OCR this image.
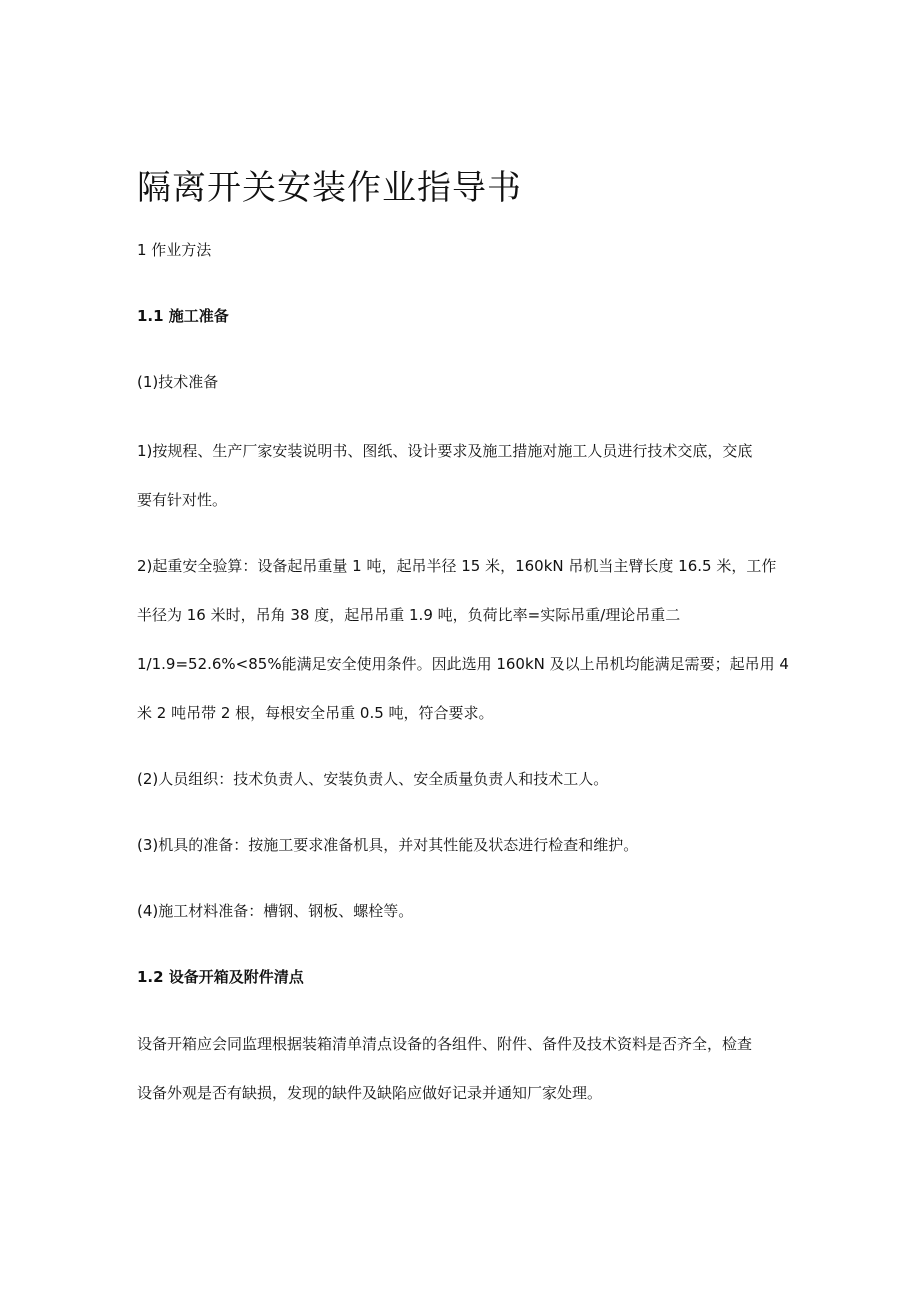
隔离开关安装作业指导书

1 作业方法

1.1 施工准备

(1)技术准备

1)按规程、生产厂家安装说明书、图纸、设计要求及施工措施对施工人员进行技术交底，交底

要有针对性。

2)起重安全验算：设备起吊重量 1 吨，起吊半径 15 米，160kN 吊机当主臂长度 16.5 米，工作

半径为 16 米时，吊角 38 度，起吊吊重 1.9 吨，负荷比率=实际吊重/理论吊重二

1/1.9=52.6%<85%能满足安全使用条件。因此选用 160kN 及以上吊机均能满足需要；起吊用 4

米 2 吨吊带 2 根，每根安全吊重 0.5 吨，符合要求。

(2)人员组织：技术负责人、安装负责人、安全质量负责人和技术工人。

(3)机具的准备：按施工要求准备机具，并对其性能及状态进行检查和维护。

(4)施工材料准备：槽钢、钢板、螺栓等。

1.2 设备开箱及附件清点

设备开箱应会同监理根据装箱清单清点设备的各组件、附件、备件及技术资料是否齐全，检查

设备外观是否有缺损，发现的缺件及缺陷应做好记录并通知厂家处理。
